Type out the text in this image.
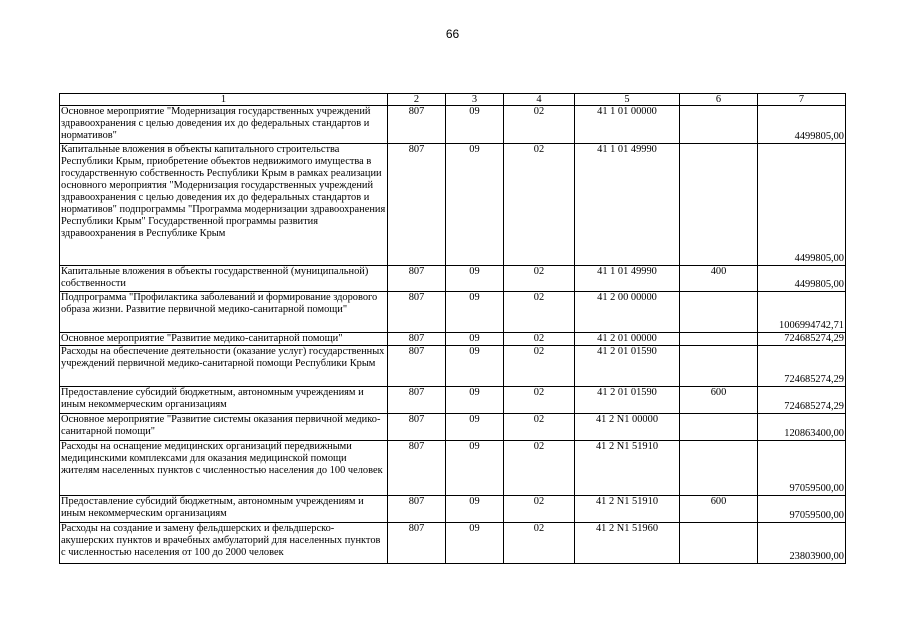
66
1	2	3	4	5	6	7
Основное мероприятие "Модернизация государственных учреждений здравоохранения с целью доведения их до федеральных стандартов и нормативов"	807	09	02	41 1 01 00000		4499805,00
Капитальные вложения в объекты капитального строительства Республики Крым, приобретение объектов недвижимого имущества в государственную собственность Республики Крым в рамках реализации основного мероприятия "Модернизация государственных учреждений здравоохранения с целью доведения их до федеральных стандартов и нормативов" подпрограммы "Программа модернизации здравоохранения Республики Крым" Государственной программы развития здравоохранения в Республике Крым	807	09	02	41 1 01 49990		4499805,00
Капитальные вложения в объекты государственной (муниципальной) собственности	807	09	02	41 1 01 49990	400	4499805,00
Подпрограмма "Профилактика заболеваний и формирование здорового образа жизни. Развитие первичной медико-санитарной помощи"	807	09	02	41 2 00 00000		1006994742,71
Основное мероприятие "Развитие медико-санитарной помощи"	807	09	02	41 2 01 00000		724685274,29
Расходы на обеспечение деятельности (оказание услуг) государственных учреждений первичной медико-санитарной помощи Республики Крым	807	09	02	41 2 01 01590		724685274,29
Предоставление субсидий бюджетным, автономным учреждениям и иным некоммерческим организациям	807	09	02	41 2 01 01590	600	724685274,29
Основное мероприятие "Развитие системы оказания первичной медико-санитарной помощи"	807	09	02	41 2 N1 00000		120863400,00
Расходы на оснащение медицинских организаций передвижными медицинскими комплексами для оказания медицинской помощи жителям населенных пунктов с численностью населения до 100 человек	807	09	02	41 2 N1 51910		97059500,00
Предоставление субсидий бюджетным, автономным учреждениям и иным некоммерческим организациям	807	09	02	41 2 N1 51910	600	97059500,00
Расходы на создание и замену фельдшерских и фельдшерско-акушерских пунктов и врачебных амбулаторий для населенных пунктов с численностью населения от 100 до 2000 человек	807	09	02	41 2 N1 51960		23803900,00
